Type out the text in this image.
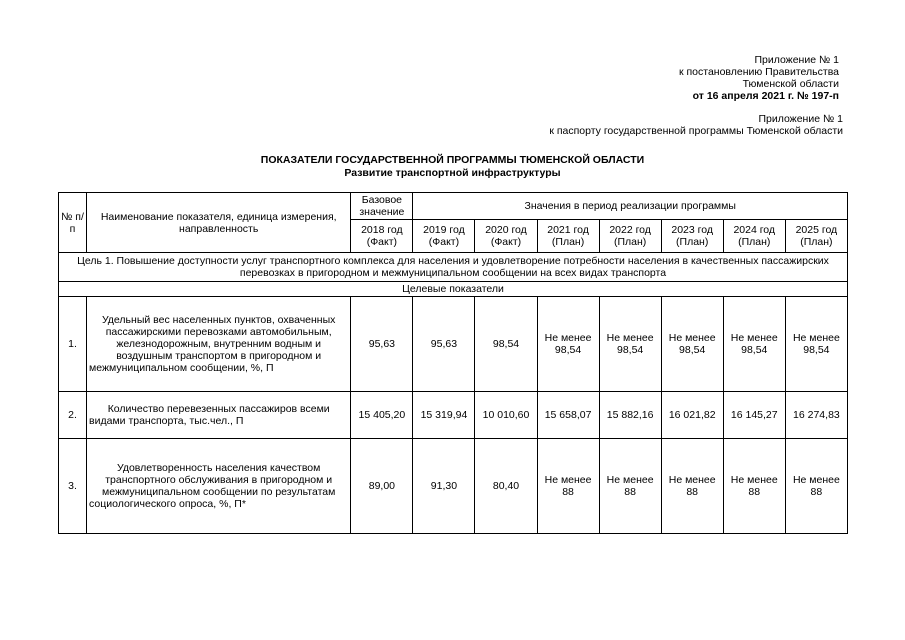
Приложение № 1
к постановлению Правительства
Тюменской области
от 16 апреля 2021 г. № 197-п
Приложение № 1
к паспорту государственной программы Тюменской области
ПОКАЗАТЕЛИ ГОСУДАРСТВЕННОЙ ПРОГРАММЫ ТЮМЕНСКОЙ ОБЛАСТИ
Развитие транспортной инфраструктуры
№ п/п	Наименование показателя, единица измерения, направленность	Базовое значение	Значения в период реализации программы						
		2018 год (Факт)	2019 год (Факт)	2020 год (Факт)	2021 год (План)	2022 год (План)	2023 год (План)	2024 год (План)	2025 год (План)
Цель 1. Повышение доступности услуг транспортного комплекса для населения и удовлетворение потребности населения в качественных пассажирских перевозках в пригородном и межмуниципальном сообщении на всех видах транспорта									
Целевые показатели									
1.	Удельный вес населенных пунктов, охваченных пассажирскими перевозками автомобильным, железнодорожным, внутренним водным и воздушным транспортом в пригородном и межмуниципальном сообщении, %, П	95,63	95,63	98,54	Не менее 98,54	Не менее 98,54	Не менее 98,54	Не менее 98,54	Не менее 98,54
2.	Количество перевезенных пассажиров всеми видами транспорта, тыс.чел., П	15 405,20	15 319,94	10 010,60	15 658,07	15 882,16	16 021,82	16 145,27	16 274,83
3.	Удовлетворенность населения качеством транспортного обслуживания в пригородном и межмуниципальном сообщении по результатам социологического опроса, %, П*	89,00	91,30	80,40	Не менее 88	Не менее 88	Не менее 88	Не менее 88	Не менее 88
